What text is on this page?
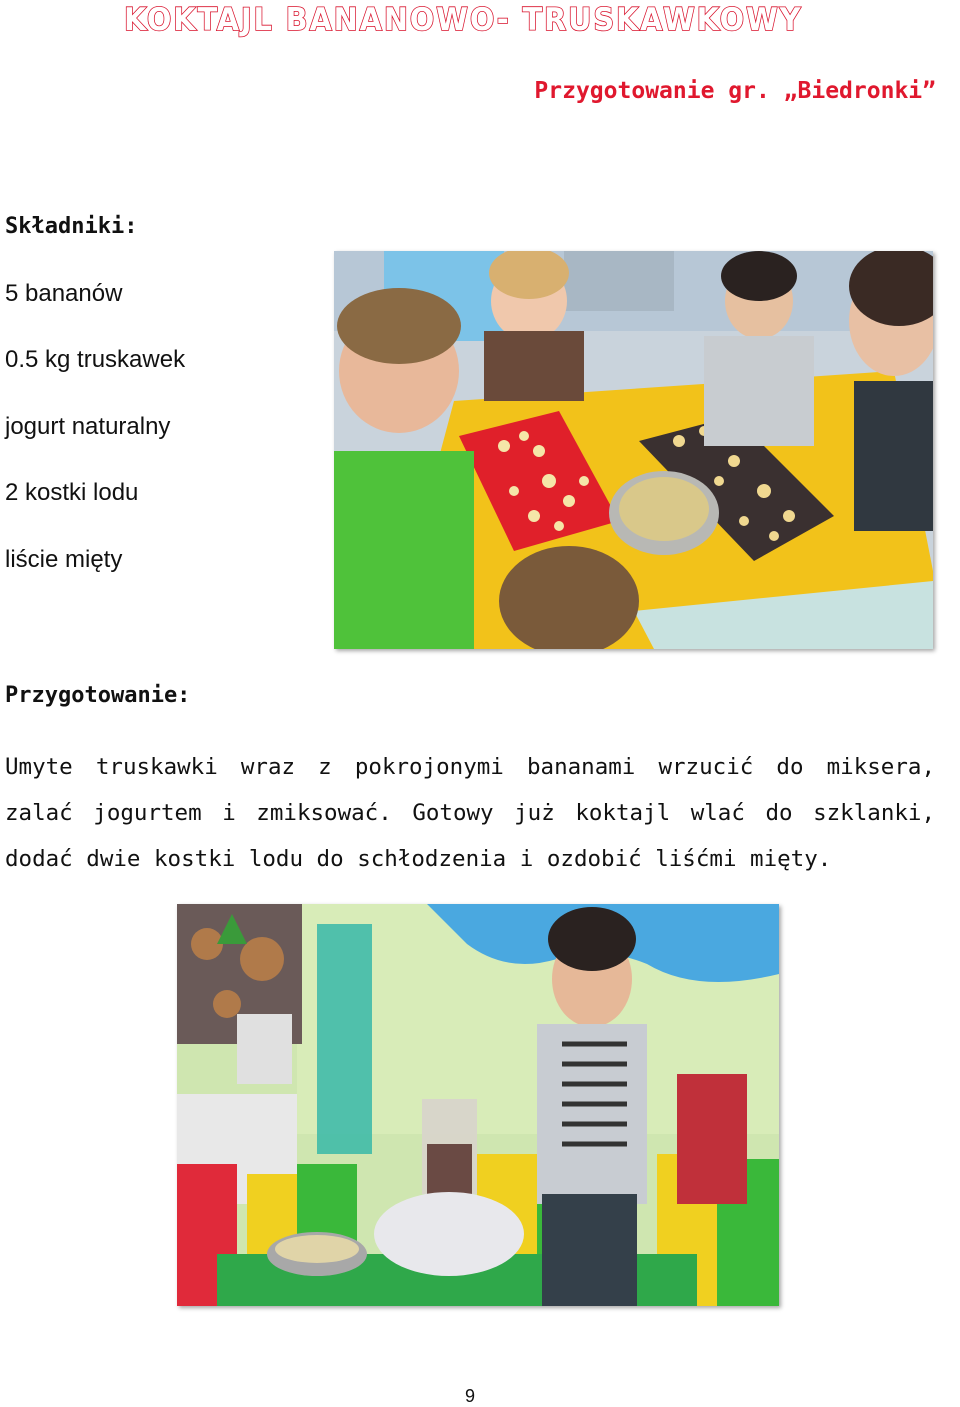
KOKTAJL BANANOWO- TRUSKAWKOWY
Przygotowanie gr. „Biedronki”
Składniki:
5 bananów
0.5 kg truskawek
jogurt naturalny
2 kostki lodu
liście mięty
Przygotowanie:

Umyte truskawki wraz z pokrojonymi bananami wrzucić do miksera, zalać jogurtem i zmiksować. Gotowy już koktajl wlać do szklanki, dodać dwie kostki lodu do schłodzenia i ozdobić liśćmi mięty.

9
